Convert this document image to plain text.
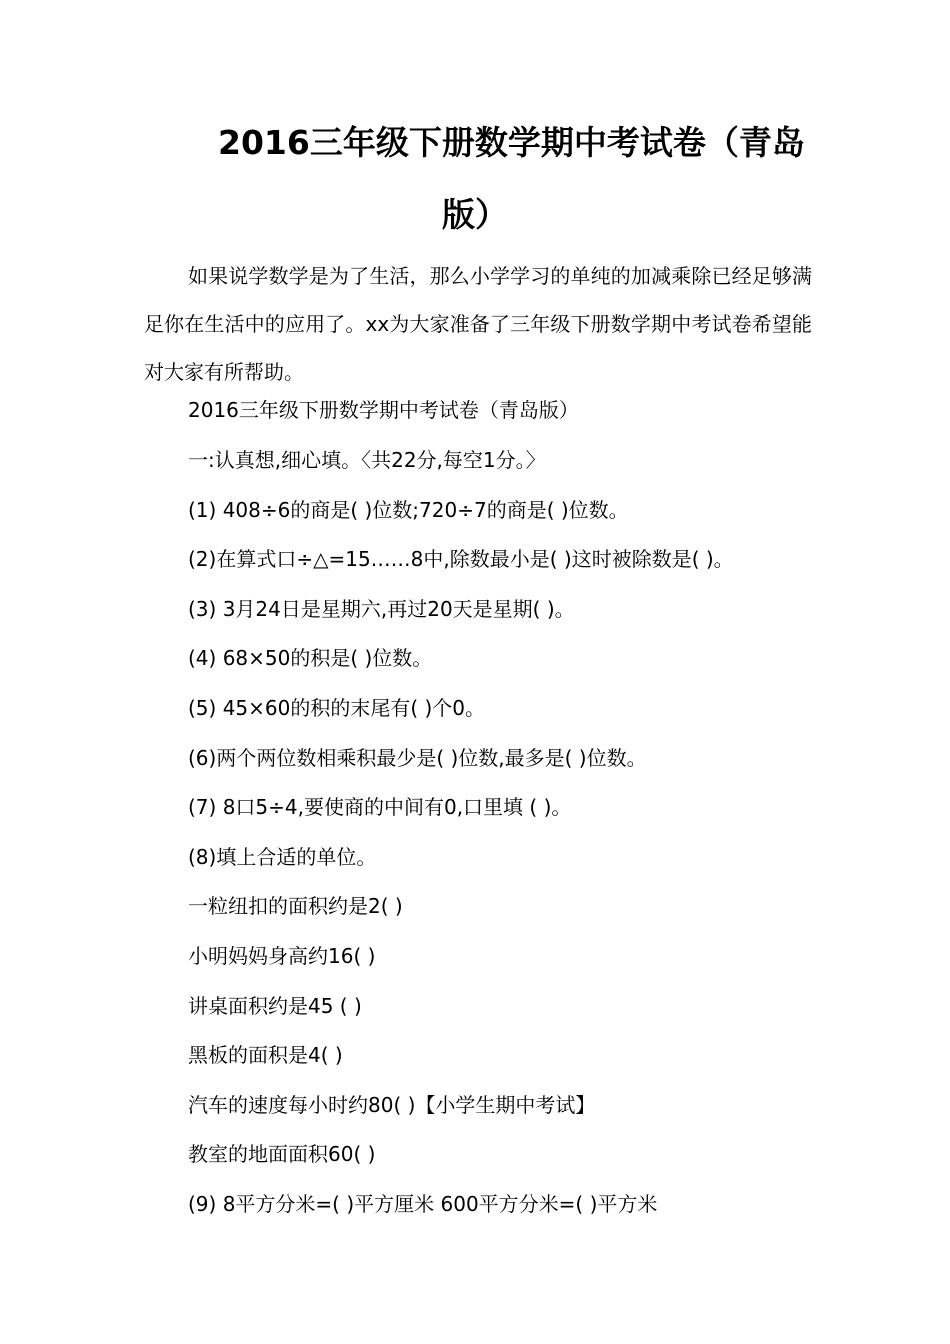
2016三年级下册数学期中考试卷（青岛
版）
如果说学数学是为了生活，那么小学学习的单纯的加减乘除已经足够满足你在生活中的应用了。xx为大家准备了三年级下册数学期中考试卷希望能对大家有所帮助。
2016三年级下册数学期中考试卷（青岛版）
一:认真想,细心填。〈共22分,每空1分。〉
(1) 408÷6的商是( )位数;720÷7的商是( )位数。
(2)在算式口÷△=15……8中,除数最小是( )这时被除数是( )。
(3) 3月24日是星期六,再过20天是星期( )。
(4) 68×50的积是( )位数。
(5) 45×60的积的末尾有( )个0。
(6)两个两位数相乘积最少是( )位数,最多是( )位数。
(7) 8口5÷4,要使商的中间有0,口里填 ( )。
(8)填上合适的单位。
一粒纽扣的面积约是2( )
小明妈妈身高约16( )
讲桌面积约是45 ( )
黑板的面积是4( )
汽车的速度每小时约80( )【小学生期中考试】
教室的地面面积60( )
(9) 8平方分米=( )平方厘米 600平方分米=( )平方米
